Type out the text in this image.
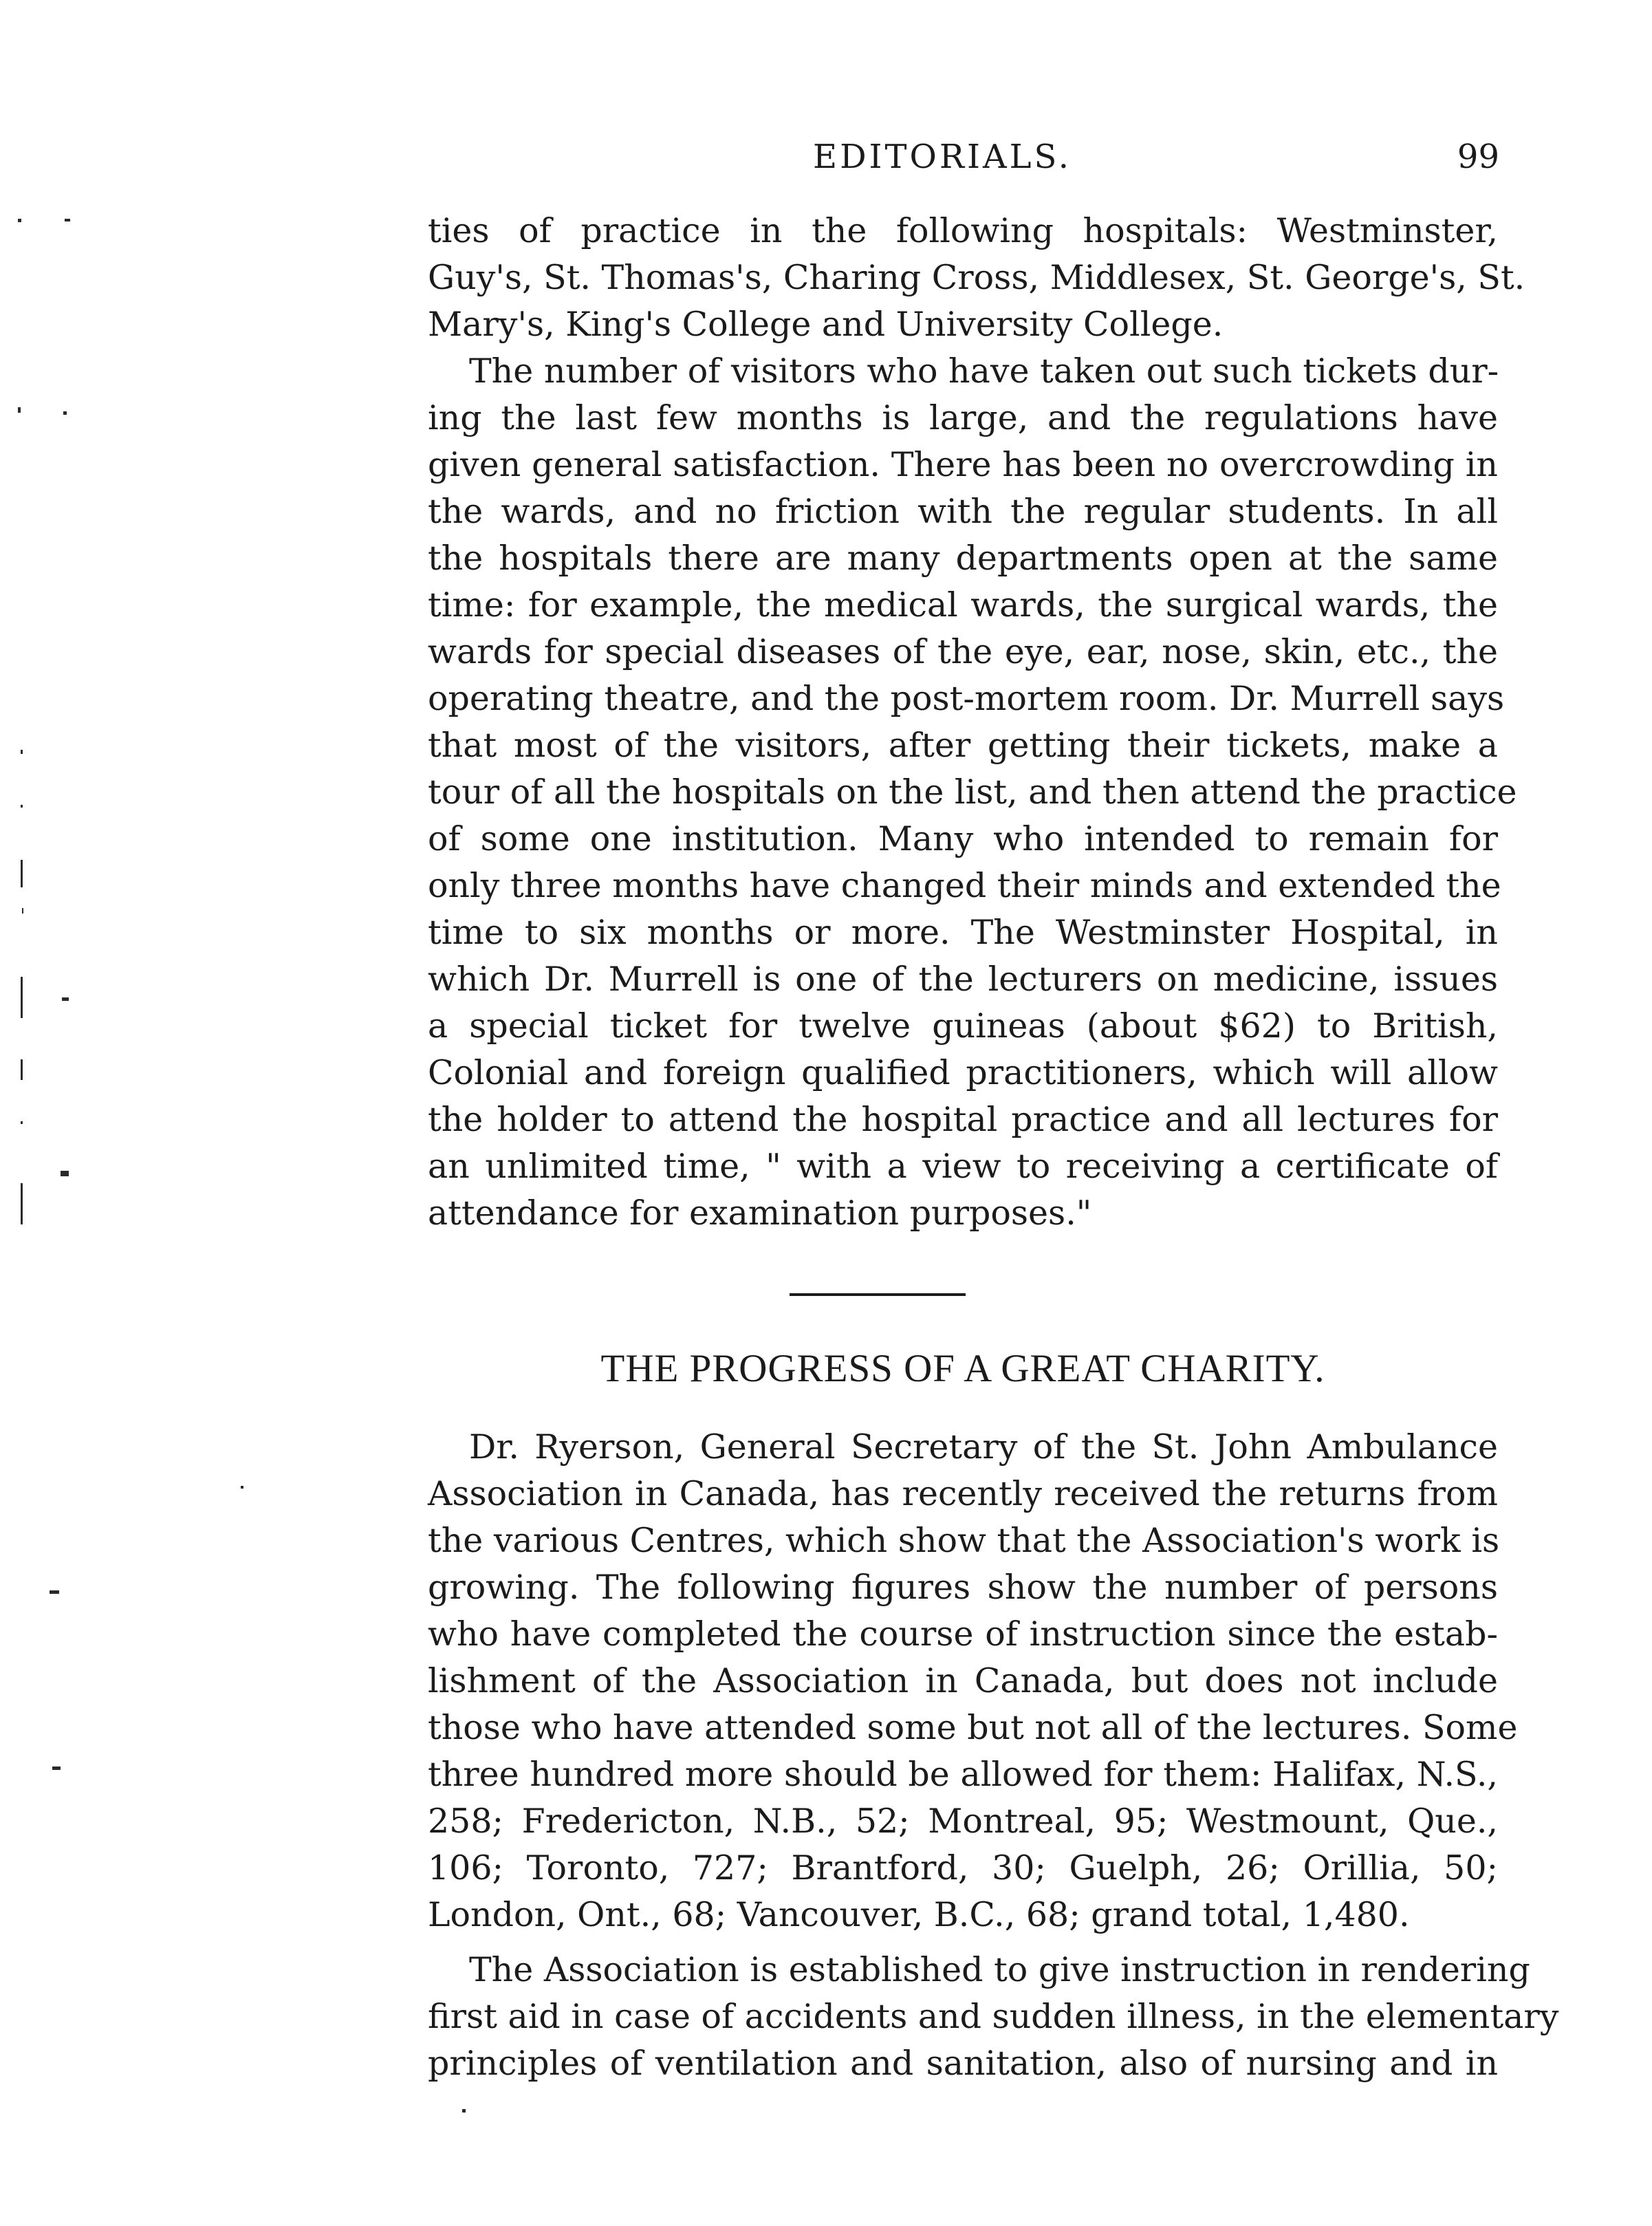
EDITORIALS.	99
ties of practice in the following hospitals: Westminster,
Guy's, St. Thomas's, Charing Cross, Middlesex, St. George's, St.
Mary's, King's College and University College.
The number of visitors who have taken out such tickets dur-
ing the last few months is large, and the regulations have
given general satisfaction. There has been no overcrowding in
the wards, and no friction with the regular students. In all
the hospitals there are many departments open at the same
time: for example, the medical wards, the surgical wards, the
wards for special diseases of the eye, ear, nose, skin, etc., the
operating theatre, and the post-mortem room. Dr. Murrell says
that most of the visitors, after getting their tickets, make a
tour of all the hospitals on the list, and then attend the practice
of some one institution. Many who intended to remain for
only three months have changed their minds and extended the
time to six months or more. The Westminster Hospital, in
which Dr. Murrell is one of the lecturers on medicine, issues
a special ticket for twelve guineas (about $62) to British,
Colonial and foreign qualified practitioners, which will allow
the holder to attend the hospital practice and all lectures for
an unlimited time, " with a view to receiving a certificate of
attendance for examination purposes."
THE PROGRESS OF A GREAT CHARITY.
Dr. Ryerson, General Secretary of the St. John Ambulance
Association in Canada, has recently received the returns from
the various Centres, which show that the Association's work is
growing. The following figures show the number of persons
who have completed the course of instruction since the estab-
lishment of the Association in Canada, but does not include
those who have attended some but not all of the lectures. Some
three hundred more should be allowed for them: Halifax, N.S.,
258; Fredericton, N.B., 52; Montreal, 95; Westmount, Que.,
106; Toronto, 727; Brantford, 30; Guelph, 26; Orillia, 50;
London, Ont., 68; Vancouver, B.C., 68; grand total, 1,480.
The Association is established to give instruction in rendering
first aid in case of accidents and sudden illness, in the elementary
principles of ventilation and sanitation, also of nursing and in
